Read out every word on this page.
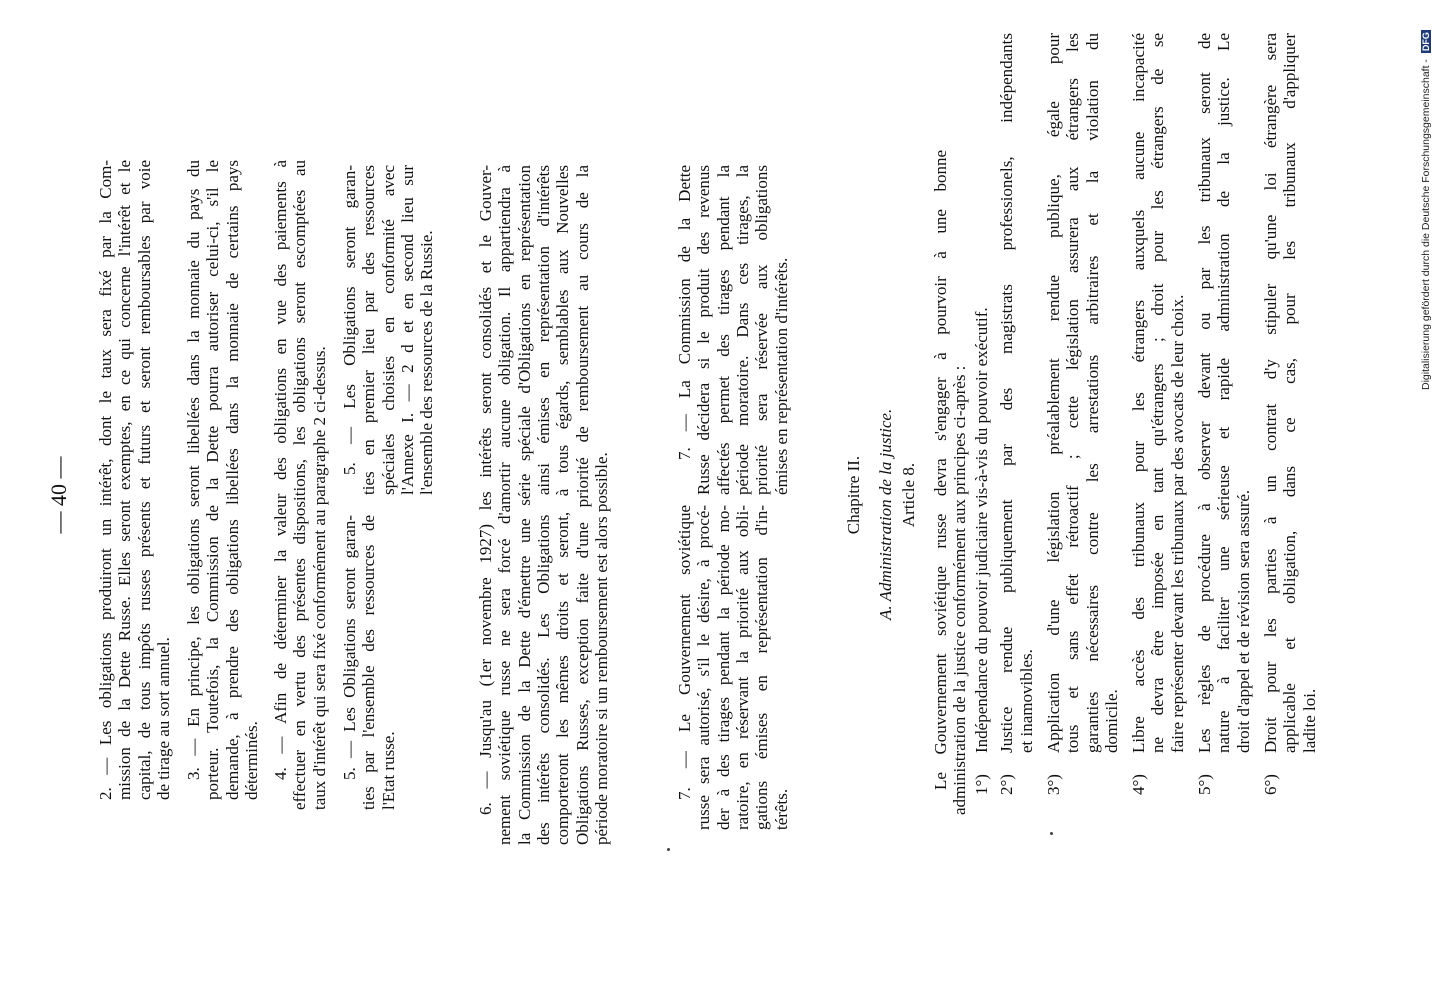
— 40 — 2. — Les obligations produiront un intérêt, dont le taux sera fixé par la Com- mission de la Dette Russe. Elles seront exemptes, en ce qui concerne l'intérêt et le capital, de tous impôts russes présents et futurs et seront remboursables par voie de tirage au sort annuel. 3. — En principe, les obligations seront libellées dans la monnaie du pays du porteur. Toutefois, la Commission de la Dette pourra autoriser celui-ci, s'il le demande, à prendre des obligations libellées dans la monnaie de certains pays déterminés. 4. — Afin de déterminer la valeur des obligations en vue des paiements à effectuer en vertu des présentes dispositions, les obligations seront escomptées au taux d'intérêt qui sera fixé conformément au paragraphe 2 ci-dessus. 5. — Les Obligations seront garan- ties par l'ensemble des ressources de l'Etat russe.
5. — Les Obligations seront garan- ties en premier lieu par des ressources spéciales choisies en conformité avec l'Annexe I. — 2 d et en second lieu sur l'ensemble des ressources de la Russie. 6. — Jusqu'au (1er novembre 1927) les intérêts seront consolidés et le Gouver- nement soviétique russe ne sera forcé d'amortir aucune obligation. Il appartiendra à la Commission de la Dette d'émettre une série spéciale d'Obligations en représentation des intérêts consolidés. Les Obligations ainsi émises en représentation d'intérêts comporteront les mêmes droits et seront, à tous égards, semblables aux Nouvelles Obligations Russes, exception faite d'une priorité de remboursement au cours de la période moratoire si un remboursement est alors possible.	7. — Le Gouvernement soviétique russe sera autorisé, s'il le désire, à procé- der à des tirages pendant la période mo- ratoire, en réservant la priorité aux obli- gations émises en représentation d'in- térêts.
7. — La Commission de la Dette Russe décidera si le produit des revenus affectés permet des tirages pendant la période moratoire. Dans ces tirages, la priorité sera réservée aux obligations émises en représentation d'intérêts.
Chapitre II. A. Administration de la justice. Article 8. Le Gouvernement soviétique russe devra s'engager à pourvoir à une bonne administration de la justice conformément aux principes ci-après : 1°)
Indépendance du pouvoir judiciaire vis-à-vis du pouvoir exécutif.
2°)
Justice rendue publiquement par des magistrats professionels, indépendants et inamovibles.
3°)
Application d'une législation préalablement rendue publique, égale pour tous et sans effet rétroactif ; cette législation assurera aux étrangers les garanties nécessaires contre les arrestations arbitraires et la violation du domicile.
4°)
Libre accès des tribunaux pour les étrangers auxquels aucune incapacité ne devra être imposée en tant qu'étrangers ; droit pour les étrangers de se faire représenter devant les tribunaux par des avocats de leur choix.
5°)
Les règles de procédure à observer devant ou par les tribunaux seront de nature à faciliter une sérieuse et rapide administration de la justice. Le droit d'appel et de révision sera assuré.
6°)
Droit pour les parties à un contrat d'y stipuler qu'une loi étrangère sera applicable et obligation, dans ce cas, pour les tribunaux d'appliquer ladite loi.
Digitalisierung gefördert durch die Deutsche Forschungsgemeinschaft - DFG
